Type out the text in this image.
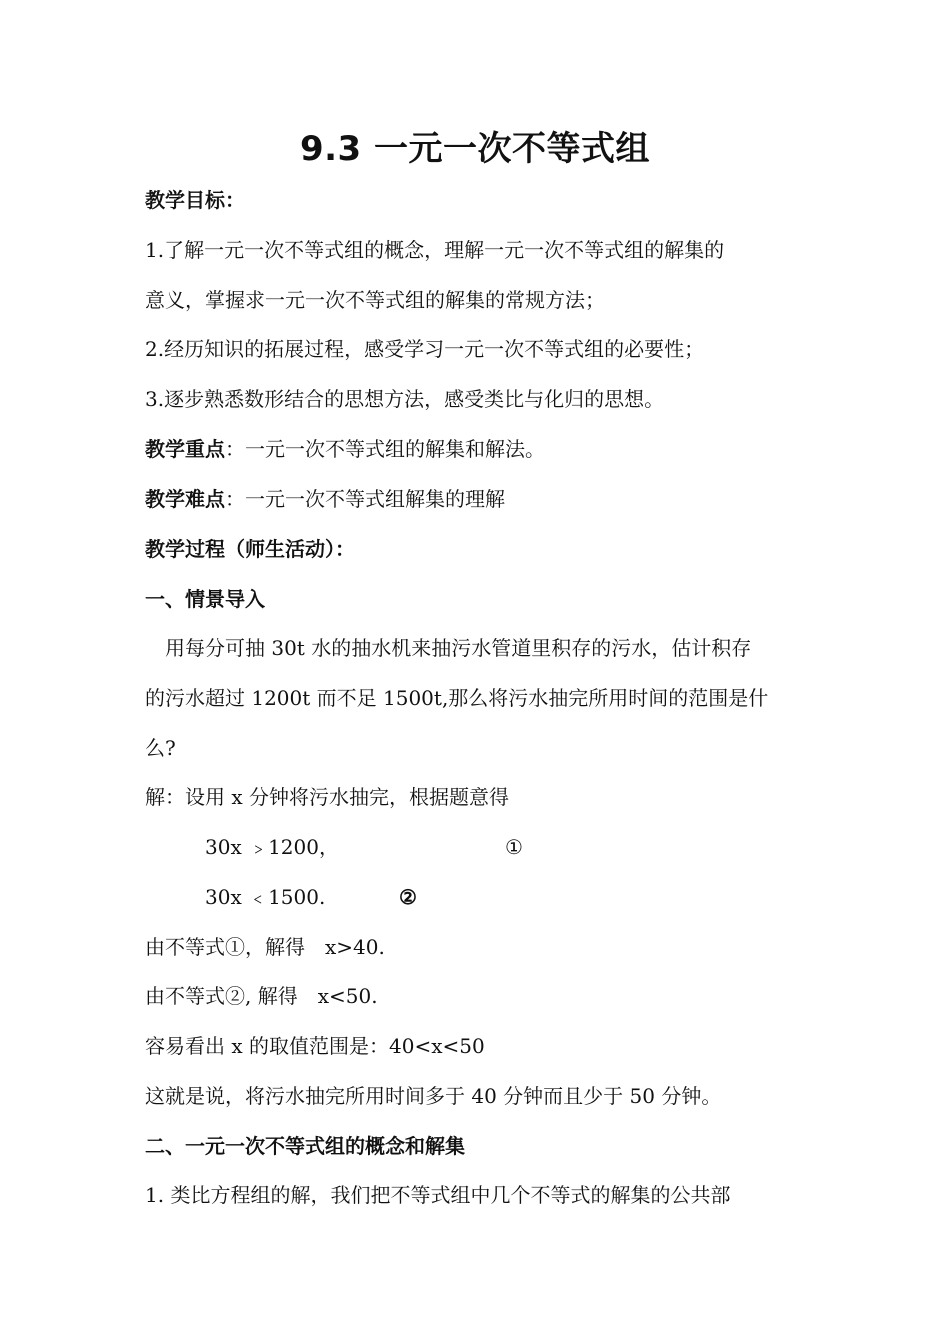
9.3 一元一次不等式组
教学目标：
1.了解一元一次不等式组的概念，理解一元一次不等式组的解集的
意义，掌握求一元一次不等式组的解集的常规方法；
2.经历知识的拓展过程，感受学习一元一次不等式组的必要性；
3.逐步熟悉数形结合的思想方法，感受类比与化归的思想。
教学重点：一元一次不等式组的解集和解法。
教学难点：一元一次不等式组解集的理解
教学过程（师生活动）：
一、情景导入
用每分可抽 30t 水的抽水机来抽污水管道里积存的污水，估计积存
的污水超过 1200t 而不足 1500t,那么将污水抽完所用时间的范围是什
么?
解：设用 x 分钟将污水抽完，根据题意得
30x ﹥1200，	①
30x ﹤1500.	②
由不等式①，解得　x>40.
由不等式②, 解得　x<50.
容易看出 x 的取值范围是：40<x<50
这就是说，将污水抽完所用时间多于 40 分钟而且少于 50 分钟。
二、一元一次不等式组的概念和解集
1. 类比方程组的解，我们把不等式组中几个不等式的解集的公共部
